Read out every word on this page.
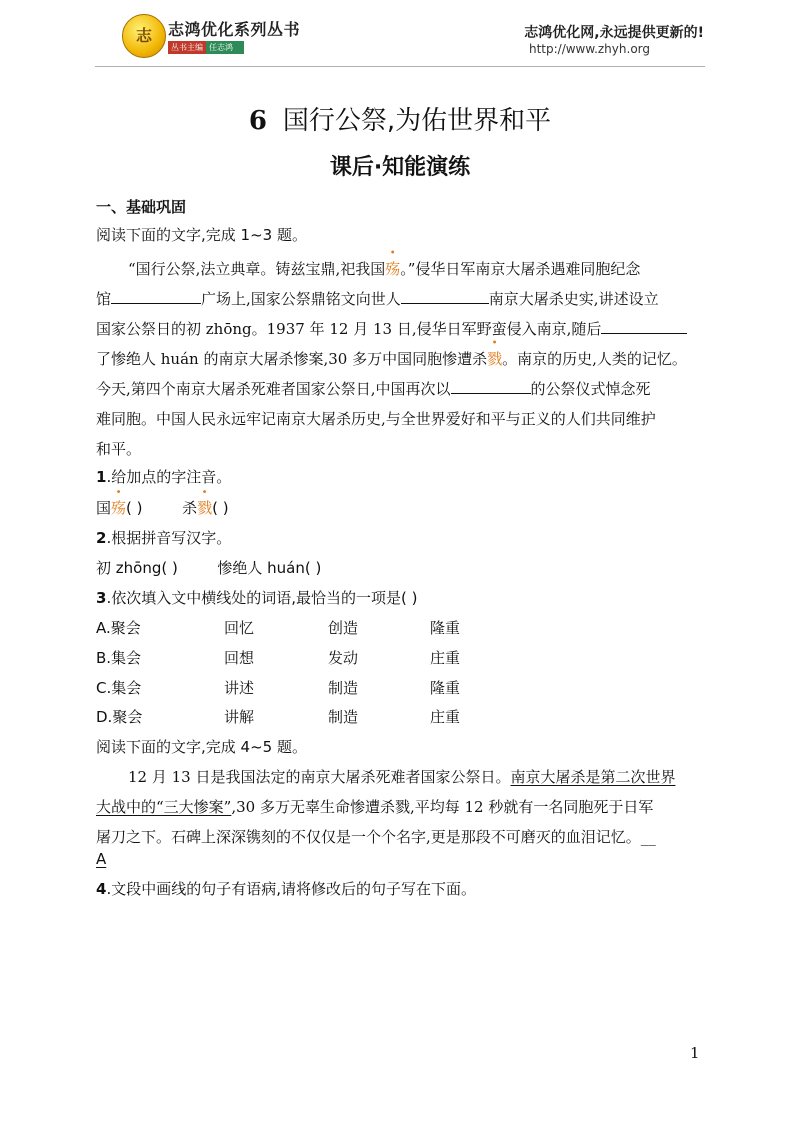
志	志鸿优化系列丛书
丛书主编 任志鸿
志鸿优化网,永远提供更新的!
http://www.zhyh.org
6 国行公祭,为佑世界和平
课后·知能演练
一、基础巩固
阅读下面的文字,完成 1~3 题。
“国行公祭,法立典章。铸兹宝鼎,祀我国殇。”侵华日军南京大屠杀遇难同胞纪念
馆	广场上,国家公祭鼎铭文向世人	南京大屠杀史实,讲述设立
国家公祭日的初 zhōng。1937 年 12 月 13 日,侵华日军野蛮侵入南京,随后
了惨绝人 huán 的南京大屠杀惨案,30 多万中国同胞惨遭杀戮。南京的历史,人类的记忆。
今天,第四个南京大屠杀死难者国家公祭日,中国再次以	的公祭仪式悼念死
难同胞。中国人民永远牢记南京大屠杀历史,与全世界爱好和平与正义的人们共同维护
和平。
1.给加点的字注音。
国殇( )	杀戮( )
2.根据拼音写汉字。
初 zhōng( )	惨绝人 huán( )
3.依次填入文中横线处的词语,最恰当的一项是( )
A.聚会	回忆	创造	隆重
B.集会	回想	发动	庄重
C.集会	讲述	制造	隆重
D.聚会	讲解	制造	庄重
阅读下面的文字,完成 4~5 题。
12 月 13 日是我国法定的南京大屠杀死难者国家公祭日。南京大屠杀是第二次世界
大战中的“三大惨案”,30 多万无辜生命惨遭杀戮,平均每 12 秒就有一名同胞死于日军
屠刀之下。石碑上深深镌刻的不仅仅是一个个名字,更是那段不可磨灭的血泪记忆。__
A
4.文段中画线的句子有语病,请将修改后的句子写在下面。
1
